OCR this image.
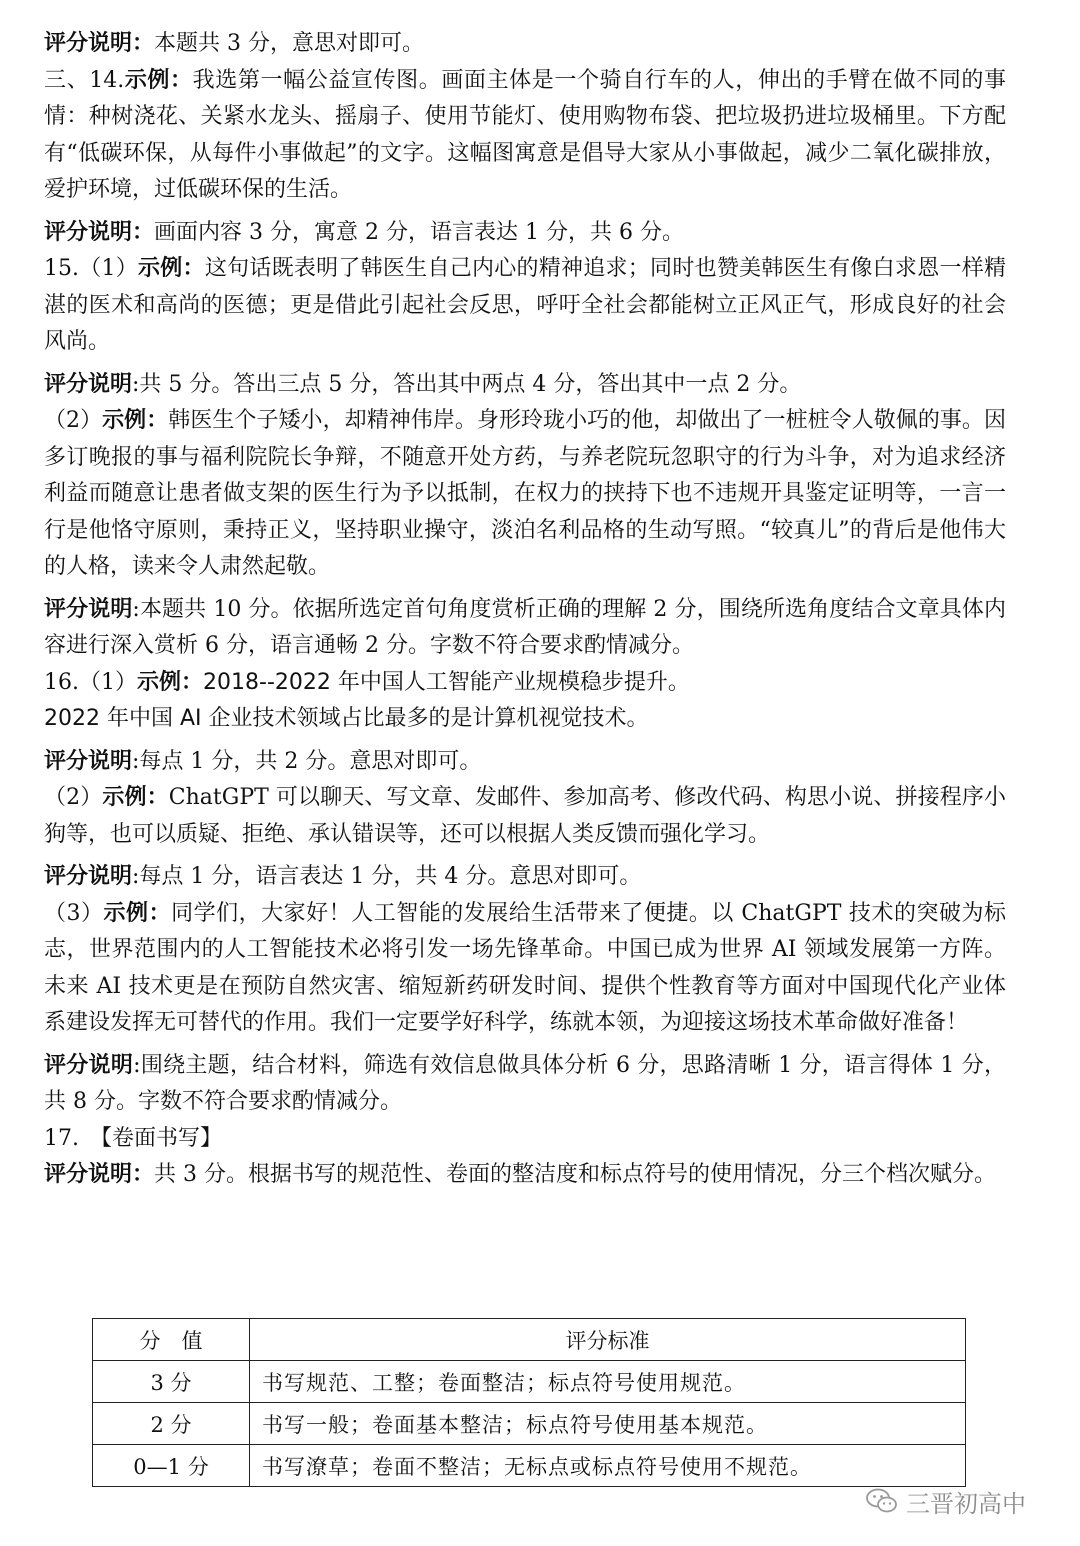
评分说明：本题共 3 分，意思对即可。

三、14.示例：我选第一幅公益宣传图。画面主体是一个骑自行车的人，伸出的手臂在做不同的事情：种树浇花、关紧水龙头、摇扇子、使用节能灯、使用购物布袋、把垃圾扔进垃圾桶里。下方配有“低碳环保，从每件小事做起”的文字。这幅图寓意是倡导大家从小事做起，减少二氧化碳排放，爱护环境，过低碳环保的生活。

评分说明：画面内容 3 分，寓意 2 分，语言表达 1 分，共 6 分。

15.（1）示例：这句话既表明了韩医生自己内心的精神追求；同时也赞美韩医生有像白求恩一样精湛的医术和高尚的医德；更是借此引起社会反思，呼吁全社会都能树立正风正气，形成良好的社会风尚。

评分说明:共 5 分。答出三点 5 分，答出其中两点 4 分，答出其中一点 2 分。

（2）示例：韩医生个子矮小，却精神伟岸。身形玲珑小巧的他，却做出了一桩桩令人敬佩的事。因多订晚报的事与福利院院长争辩，不随意开处方药，与养老院玩忽职守的行为斗争，对为追求经济利益而随意让患者做支架的医生行为予以抵制，在权力的挟持下也不违规开具鉴定证明等，一言一行是他恪守原则，秉持正义，坚持职业操守，淡泊名利品格的生动写照。“较真儿”的背后是他伟大的人格，读来令人肃然起敬。

评分说明:本题共 10 分。依据所选定首句角度赏析正确的理解 2 分，围绕所选角度结合文章具体内容进行深入赏析 6 分，语言通畅 2 分。字数不符合要求酌情减分。

16.（1）示例：2018--2022 年中国人工智能产业规模稳步提升。

2022 年中国 AI 企业技术领域占比最多的是计算机视觉技术。

评分说明:每点 1 分，共 2 分。意思对即可。

（2）示例：ChatGPT 可以聊天、写文章、发邮件、参加高考、修改代码、构思小说、拼接程序小狗等，也可以质疑、拒绝、承认错误等，还可以根据人类反馈而强化学习。

评分说明:每点 1 分，语言表达 1 分，共 4 分。意思对即可。

（3）示例：同学们，大家好！人工智能的发展给生活带来了便捷。以 ChatGPT 技术的突破为标志，世界范围内的人工智能技术必将引发一场先锋革命。中国已成为世界 AI 领域发展第一方阵。未来 AI 技术更是在预防自然灾害、缩短新药研发时间、提供个性教育等方面对中国现代化产业体系建设发挥无可替代的作用。我们一定要学好科学，练就本领，为迎接这场技术革命做好准备！

评分说明:围绕主题，结合材料，筛选有效信息做具体分析 6 分，思路清晰 1 分，语言得体 1 分，共 8 分。字数不符合要求酌情减分。

17.　 【卷面书写】

评分说明：共 3 分。根据书写的规范性、卷面的整洁度和标点符号的使用情况，分三个档次赋分。

分　值	评分标准
3 分	书写规范、工整；卷面整洁；标点符号使用规范。
2 分	书写一般；卷面基本整洁；标点符号使用基本规范。
0—1 分	书写潦草；卷面不整洁；无标点或标点符号使用不规范。
三晋初高中
